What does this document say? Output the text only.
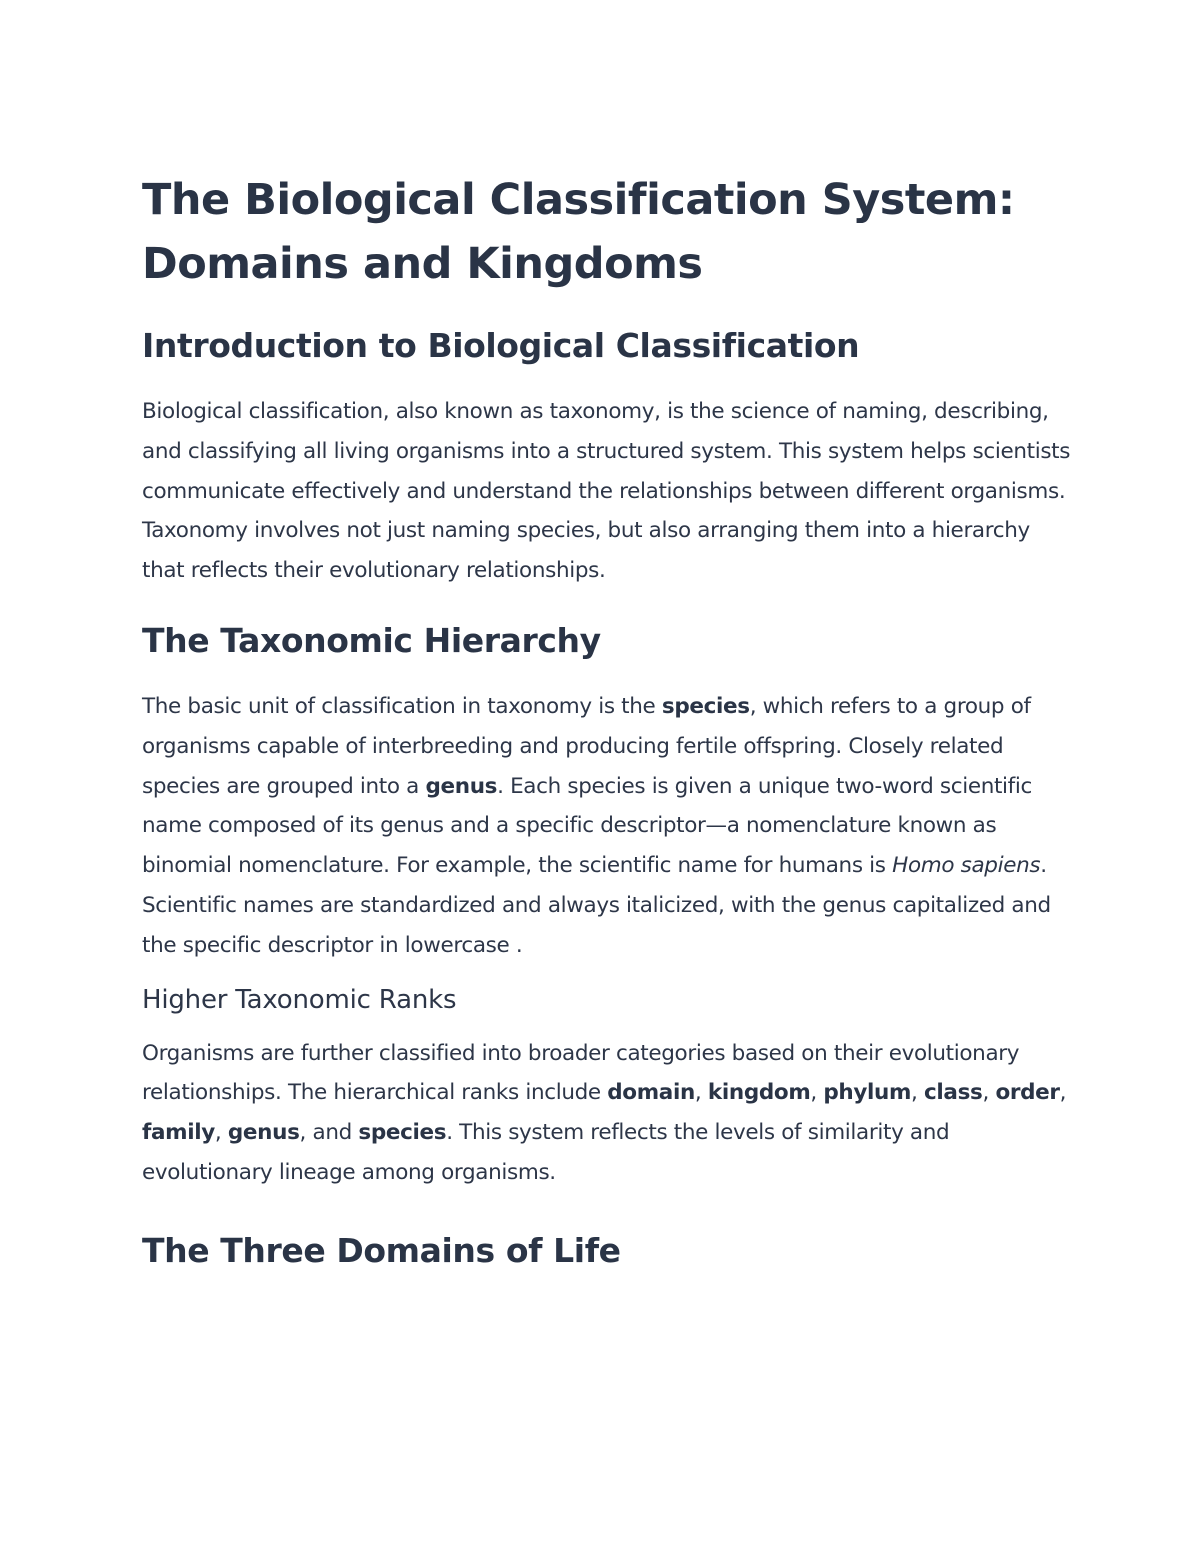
The Biological Classification System: Domains and Kingdoms
Introduction to Biological Classification

Biological classification, also known as taxonomy, is the science of naming, describing, and classifying all living organisms into a structured system. This system helps scientists communicate effectively and understand the relationships between different organisms. Taxonomy involves not just naming species, but also arranging them into a hierarchy that reflects their evolutionary relationships.

The Taxonomic Hierarchy

The basic unit of classification in taxonomy is the species, which refers to a group of organisms capable of interbreeding and producing fertile offspring. Closely related species are grouped into a genus. Each species is given a unique two-word scientific name composed of its genus and a specific descriptor—a nomenclature known as binomial nomenclature. For example, the scientific name for humans is Homo sapiens. Scientific names are standardized and always italicized, with the genus capitalized and the specific descriptor in lowercase .

Higher Taxonomic Ranks

Organisms are further classified into broader categories based on their evolutionary relationships. The hierarchical ranks include domain, kingdom, phylum, class, order, family, genus, and species. This system reflects the levels of similarity and evolutionary lineage among organisms.

The Three Domains of Life
